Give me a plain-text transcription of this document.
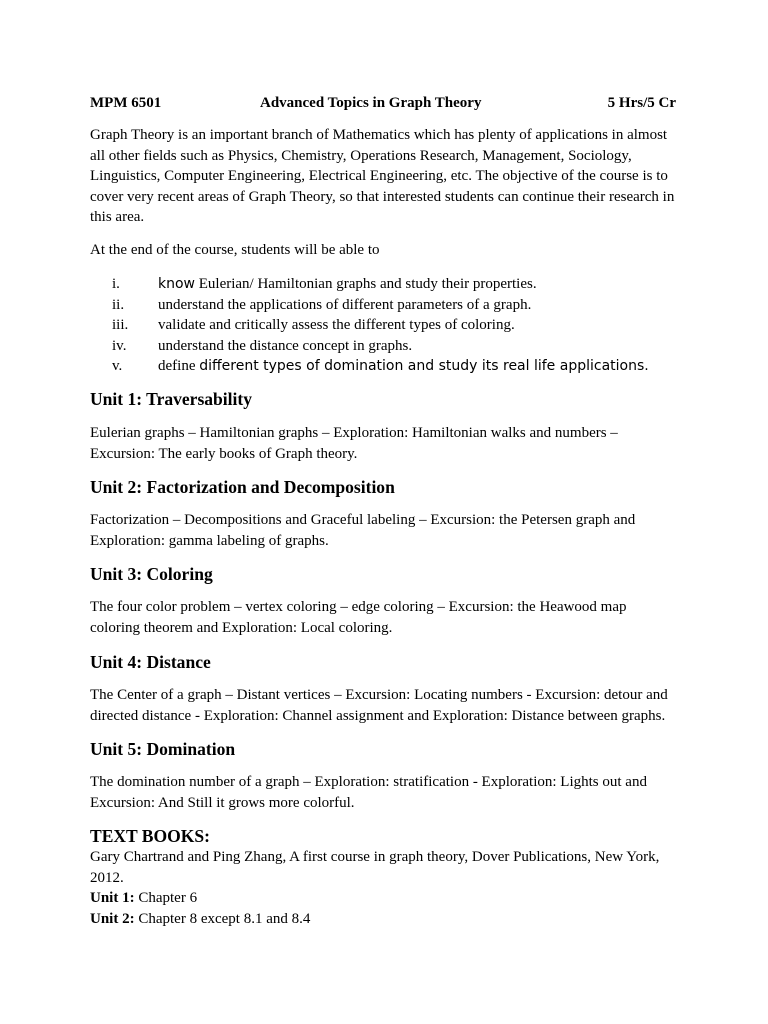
MPM 6501	Advanced Topics in Graph Theory	5 Hrs/5 Cr

Graph Theory is an important branch of Mathematics which has plenty of applications in almost all other fields such as Physics, Chemistry, Operations Research, Management, Sociology, Linguistics, Computer Engineering, Electrical Engineering, etc. The objective of the course is to cover very recent areas of Graph Theory, so that interested students can continue their research in this area.

At the end of the course, students will be able to

i.	know Eulerian/ Hamiltonian graphs and study their properties.
ii. understand the applications of different parameters of a graph.
iii. validate and critically assess the different types of coloring.
iv. understand the distance concept in graphs.
v. define different types of domination and study its real life applications.
Unit 1: Traversability

Eulerian graphs – Hamiltonian graphs – Exploration: Hamiltonian walks and numbers – Excursion: The early books of Graph theory.

Unit 2: Factorization and Decomposition

Factorization – Decompositions and Graceful labeling – Excursion: the Petersen graph and Exploration: gamma labeling of graphs.

Unit 3: Coloring

The four color problem – vertex coloring – edge coloring – Excursion: the Heawood map coloring theorem and Exploration: Local coloring.

Unit 4: Distance

The Center of a graph – Distant vertices – Excursion: Locating numbers - Excursion: detour and directed distance - Exploration: Channel assignment and Exploration: Distance between graphs.

Unit 5: Domination

The domination number of a graph – Exploration: stratification - Exploration: Lights out and Excursion: And Still it grows more colorful.

TEXT BOOKS:

Gary Chartrand and Ping Zhang, A first course in graph theory, Dover Publications, New York, 2012.

Unit 1: Chapter 6

Unit 2: Chapter 8 except 8.1 and 8.4
